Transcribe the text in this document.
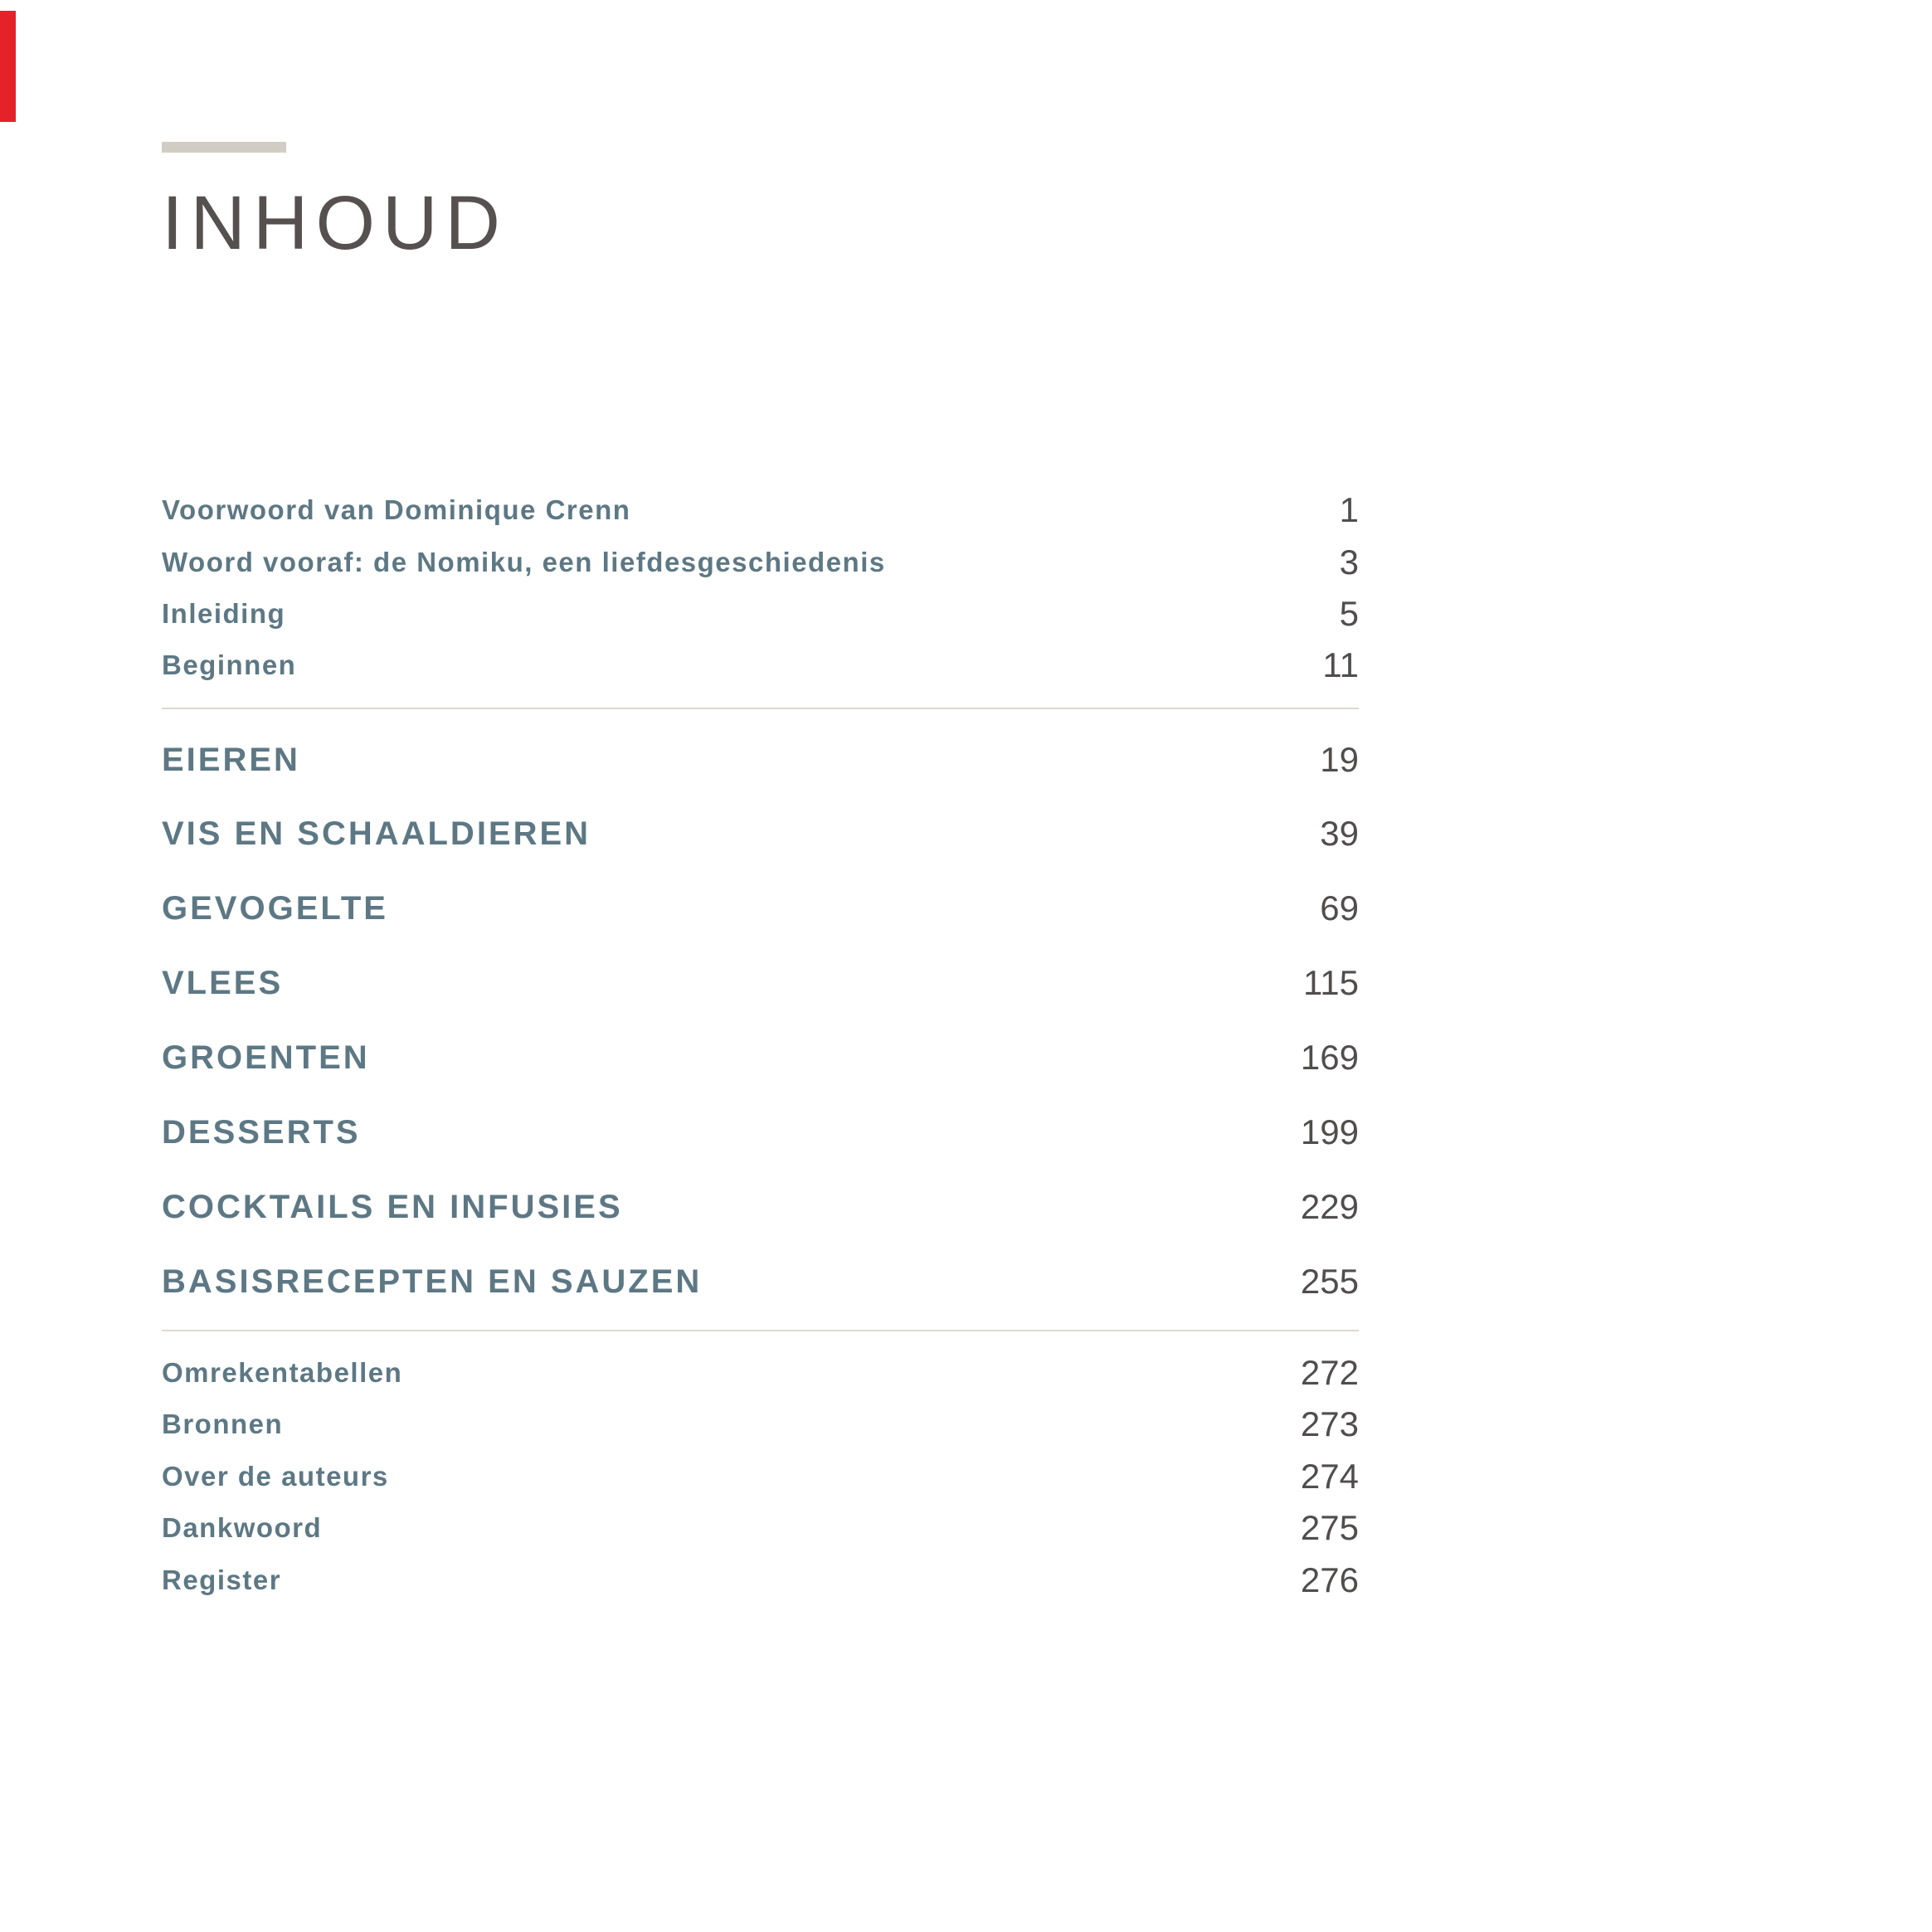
INHOUD
Voorwoord van Dominique Crenn	1
Woord vooraf: de Nomiku, een liefdesgeschiedenis	3
Inleiding	5
Beginnen	11
EIEREN	19
VIS EN SCHAALDIEREN	39
GEVOGELTE	69
VLEES	115
GROENTEN	169
DESSERTS	199
COCKTAILS EN INFUSIES	229
BASISRECEPTEN EN SAUZEN	255
Omrekentabellen	272
Bronnen	273
Over de auteurs	274
Dankwoord	275
Register	276
